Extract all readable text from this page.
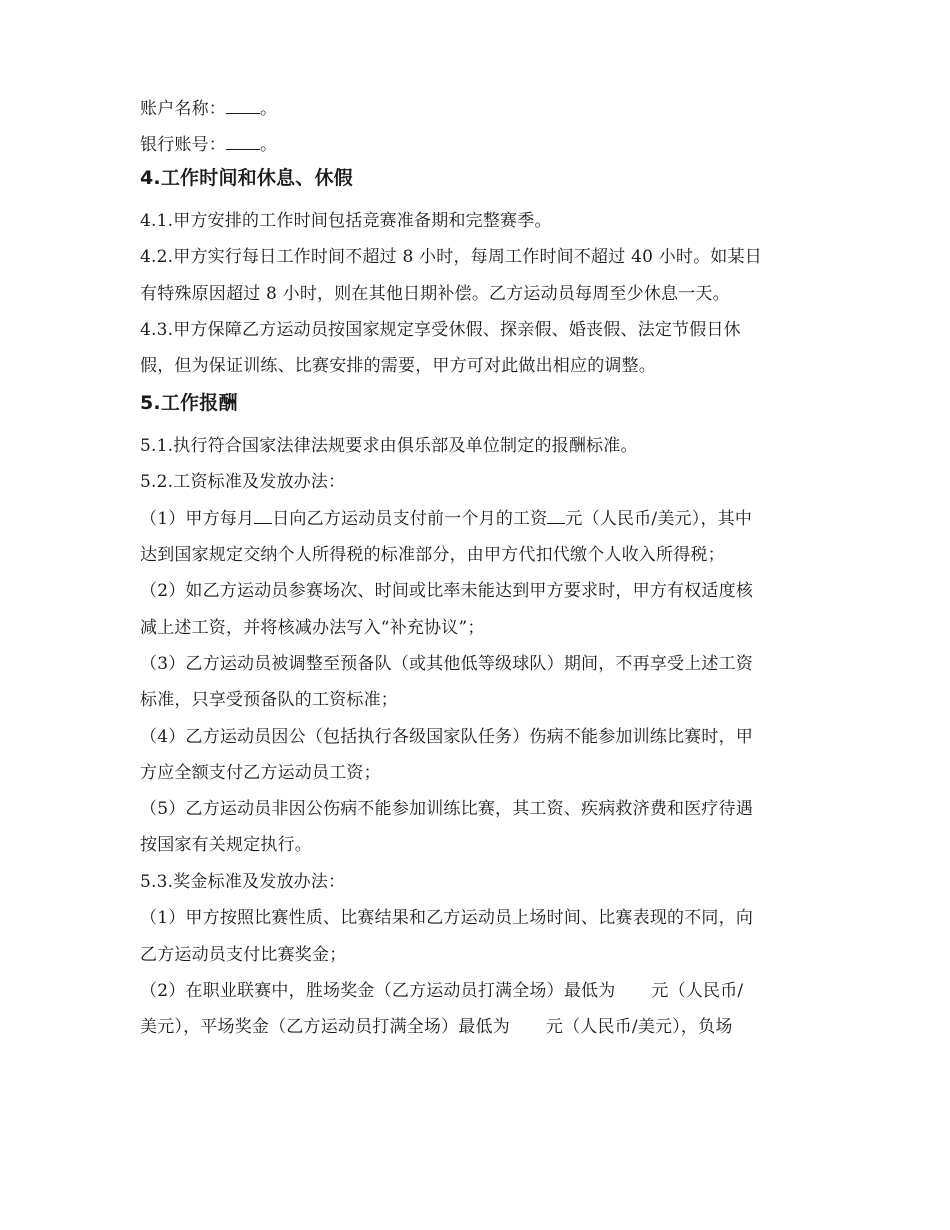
账户名称： 。
银行账号： 。
4.工作时间和休息、休假
4.1.甲方安排的工作时间包括竞赛准备期和完整赛季。
4.2.甲方实行每日工作时间不超过 8 小时，每周工作时间不超过 40 小时。如某日
有特殊原因超过 8 小时，则在其他日期补偿。乙方运动员每周至少休息一天。
4.3.甲方保障乙方运动员按国家规定享受休假、探亲假、婚丧假、法定节假日休
假，但为保证训练、比赛安排的需要，甲方可对此做出相应的调整。
5.工作报酬
5.1.执行符合国家法律法规要求由俱乐部及单位制定的报酬标准。
5.2.工资标准及发放办法：
（1）甲方每月 日向乙方运动员支付前一个月的工资 元（人民币/美元），其中
达到国家规定交纳个人所得税的标准部分，由甲方代扣代缴个人收入所得税；
（2）如乙方运动员参赛场次、时间或比率未能达到甲方要求时，甲方有权适度核
减上述工资，并将核减办法写入“补充协议”；
（3）乙方运动员被调整至预备队（或其他低等级球队）期间，不再享受上述工资
标准，只享受预备队的工资标准；
（4）乙方运动员因公（包括执行各级国家队任务）伤病不能参加训练比赛时，甲
方应全额支付乙方运动员工资；
（5）乙方运动员非因公伤病不能参加训练比赛，其工资、疾病救济费和医疗待遇
按国家有关规定执行。
5.3.奖金标准及发放办法：
（1）甲方按照比赛性质、比赛结果和乙方运动员上场时间、比赛表现的不同，向
乙方运动员支付比赛奖金；
（2）在职业联赛中，胜场奖金（乙方运动员打满全场）最低为 元（人民币/
美元），平场奖金（乙方运动员打满全场）最低为 元（人民币/美元），负场
